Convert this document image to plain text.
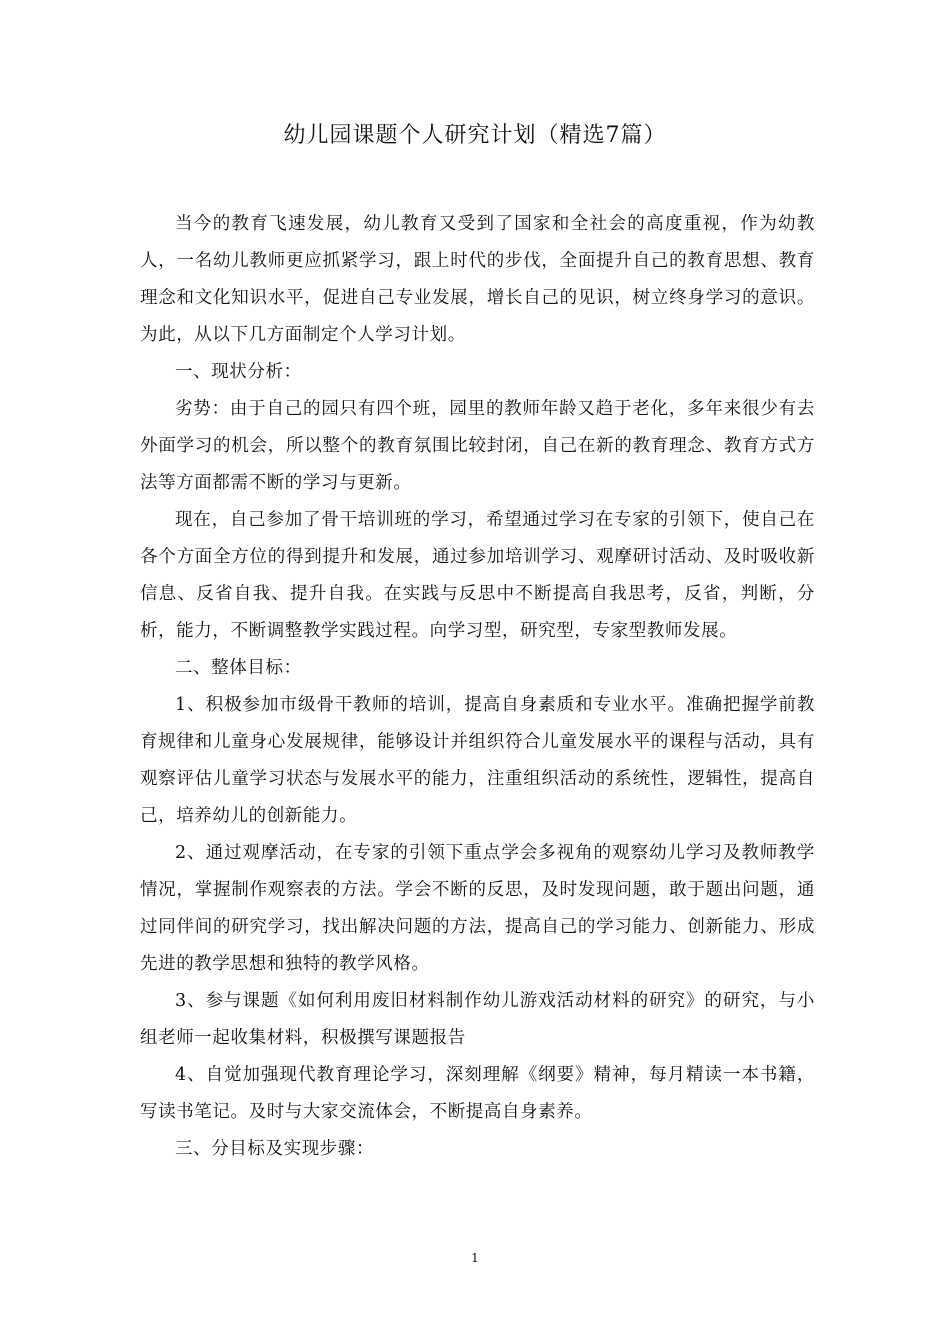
幼儿园课题个人研究计划（精选7篇）

当今的教育飞速发展，幼儿教育又受到了国家和全社会的高度重视，作为幼教人，一名幼儿教师更应抓紧学习，跟上时代的步伐，全面提升自己的教育思想、教育理念和文化知识水平，促进自己专业发展，增长自己的见识，树立终身学习的意识。为此，从以下几方面制定个人学习计划。

一、现状分析：

劣势：由于自己的园只有四个班，园里的教师年龄又趋于老化，多年来很少有去外面学习的机会，所以整个的教育氛围比较封闭，自己在新的教育理念、教育方式方法等方面都需不断的学习与更新。

现在，自己参加了骨干培训班的学习，希望通过学习在专家的引领下，使自己在各个方面全方位的得到提升和发展，通过参加培训学习、观摩研讨活动、及时吸收新信息、反省自我、提升自我。在实践与反思中不断提高自我思考，反省，判断，分析，能力，不断调整教学实践过程。向学习型，研究型，专家型教师发展。

二、整体目标：

1、积极参加市级骨干教师的培训，提高自身素质和专业水平。准确把握学前教育规律和儿童身心发展规律，能够设计并组织符合儿童发展水平的课程与活动，具有观察评估儿童学习状态与发展水平的能力，注重组织活动的系统性，逻辑性，提高自己，培养幼儿的创新能力。

2、通过观摩活动，在专家的引领下重点学会多视角的观察幼儿学习及教师教学情况，掌握制作观察表的方法。学会不断的反思，及时发现问题，敢于题出问题，通过同伴间的研究学习，找出解决问题的方法，提高自己的学习能力、创新能力、形成先进的教学思想和独特的教学风格。

3、参与课题《如何利用废旧材料制作幼儿游戏活动材料的研究》的研究，与小组老师一起收集材料，积极撰写课题报告

4、自觉加强现代教育理论学习，深刻理解《纲要》精神，每月精读一本书籍，写读书笔记。及时与大家交流体会，不断提高自身素养。

三、分目标及实现步骤：

1
